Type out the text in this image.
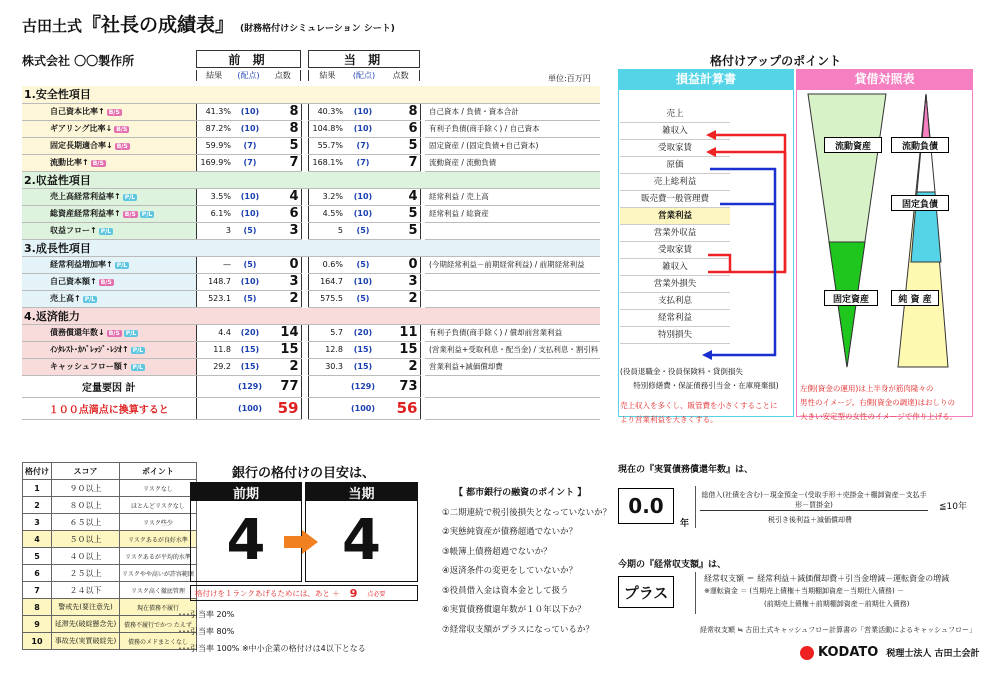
古田土式『社長の成績表』 (財務格付けシミュレーション シート)
株式会社 〇〇製作所	前 期	当 期
結果	(配点)	点数	結果	(配点)	点数	単位:百万円
1.安全性項目									
自己資本比率↑ B/S	41.3%	(10)	8		40.3%	(10)	8		自己資本 / 負債・資本合計
ギアリング比率↓ B/S	87.2%	(10)	8		104.8%	(10)	6		有利子負債(商手除く) / 自己資本
固定長期適合率↓ B/S	59.9%	(7)	5		55.7%	(7)	5		固定資産 / (固定負債+自己資本)
流動比率↑ B/S	169.9%	(7)	7		168.1%	(7)	7		流動資産 / 流動負債
2.収益性項目									
売上高経常利益率↑ P/L	3.5%	(10)	4		3.2%	(10)	4		経常利益 / 売上高
総資産経常利益率↑ B/S P/L	6.1%	(10)	6		4.5%	(10)	5		経常利益 / 総資産
収益フロー↑ P/L	3	(5)	3		5	(5)	5		
3.成長性項目									
経常利益増加率↑ P/L	—	(5)	0		0.6%	(5)	0		(今期経常利益－前期経常利益) / 前期経常利益
自己資本額↑ B/S	148.7	(10)	3		164.7	(10)	3		
売上高↑ P/L	523.1	(5)	2		575.5	(5)	2		
4.返済能力									
債務償還年数↓ B/S P/L	4.4	(20)	14		5.7	(20)	11		有利子負債(商手除く) / 償却前営業利益
ｲﾝﾀﾚｽﾄ･ｶﾊﾞﾚｯｼﾞ･ﾚｼｵ↑ P/L	11.8	(15)	15		12.8	(15)	15		(営業利益+受取利息・配当金) / 支払利息・割引料
キャッシュフロー額↑ P/L	29.2	(15)	2		30.3	(15)	2		営業利益+減価償却費
定量要因 計		(129)	77			(129)	73		
１００点満点に換算すると		(100)	59			(100)	56		
格付けアップのポイント
損益計算書	貸借対照表
売上
雑収入
受取家賃
原価
売上総利益
販売費一般管理費
営業利益
営業外収益
受取家賃
雑収入
営業外損失
支払利息
経常利益
特別損失
(役員退職金・役員保険料・貸倒損失
特別修繕費・保証債務引当金・在庫廃棄損)
売上収入を多くし、販管費を小さくすることに
より営業利益を大きくする。
流動資産	流動負債
固定負債
固定資産	純 資 産
左側(資金の運用)は上半身が筋肉隆々の
男性のイメージ。右側(資金の調達)はおしりの
大きい安定型の女性のイメージで作り上げる。
格付け	スコア	ポイント
1	９０以上	リスクなし
2	８０以上	ほとんどリスクなし
3	６５以上	リスク些少
4	５０以上	リスクあるが良好水準
5	４０以上	リスクあるが平均的水準
6	２５以上	リスクやや高いが許容範囲
7	２４以下	リスク高く徹底管理
8	警戒先(要注意先)	現在債務不履行
9	延滞先(破綻懸念先)	債務不履行でかつ たえず
10	事故先(実質破綻先)	債務のメドまとくなし
･･･引当率 20%
･･･引当率 80%
･･･引当率 100% ※中小企業の格付けは4以下となる
銀行の格付けの目安は、
前期
4
当期
4
格付けを１ランクあげるためには、あと ＋ 9 点必要
【 都市銀行の融資のポイント 】
①二期連続で税引後損失となっていないか？
②実態純資産が債務超過でないか？
③帳簿上債務超過でないか？
④返済条件の変更をしていないか？
⑤役員借入金は資本金として扱う
⑥実質債務償還年数が１０年以下か？
⑦経常収支額がプラスになっているか？
現在の『実質債務償還年数』は、
0.0
年
総借入(社債を含む)－現金預金－(受取手形＋売掛金＋棚卸資産－支払手形－買掛金)
税引き後利益＋減価償却費
≦10年
今期の『経常収支額』は、
プラス
経常収支額 ＝ 経常利益＋減価償却費＋引当金増減－運転資金の増減
※運転資金 ＝ (当期売上債権＋当期棚卸資産－当期仕入債務) －
(前期売上債権＋前期棚卸資産－前期仕入債務)
経常収支額 ≒ 古田土式キャッシュフロー計算書の「営業活動によるキャッシュフロー」
KODATO 税理士法人 古田土会計
